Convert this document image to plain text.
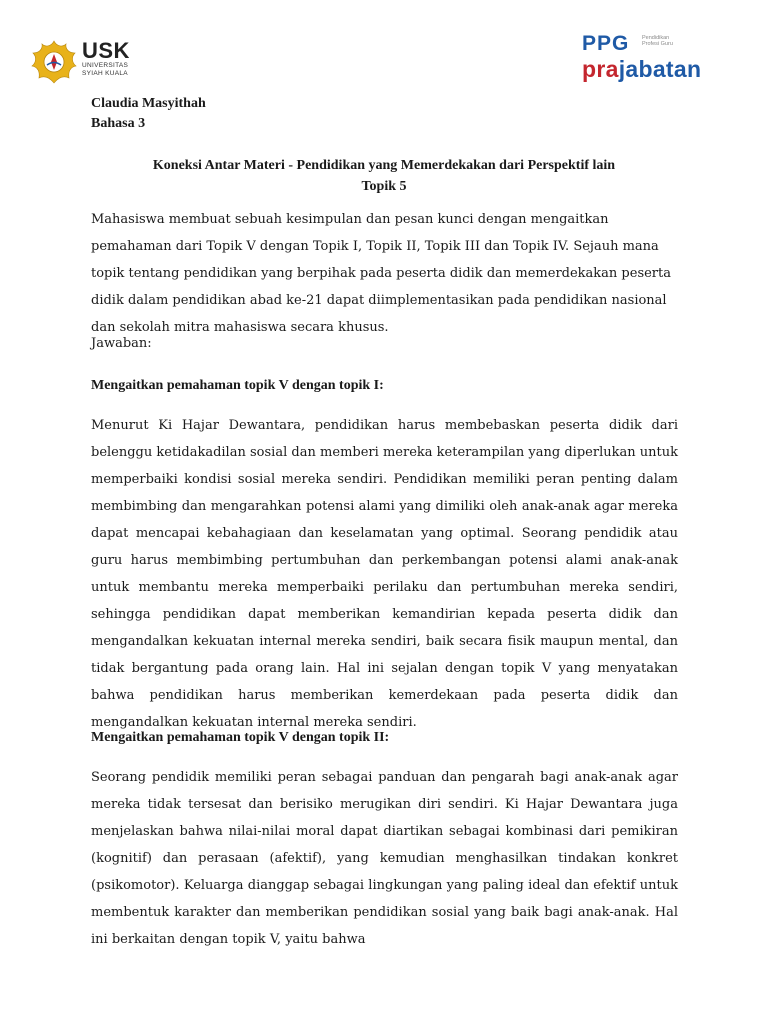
USK
UNIVERSITAS
SYIAH KUALA
PPG Pendidikan Profesi Guru
prajabatan
Claudia Masyithah
Bahasa 3
Koneksi Antar Materi - Pendidikan yang Memerdekakan dari Perspektif lain
Topik 5

Mahasiswa membuat sebuah kesimpulan dan pesan kunci dengan mengaitkan pemahaman dari Topik V dengan Topik I, Topik II, Topik III dan Topik IV. Sejauh mana topik tentang pendidikan yang berpihak pada peserta didik dan memerdekakan peserta didik dalam pendidikan abad ke-21 dapat diimplementasikan pada pendidikan nasional dan sekolah mitra mahasiswa secara khusus.

Jawaban:

Mengaitkan pemahaman topik V dengan topik I:

Menurut Ki Hajar Dewantara, pendidikan harus membebaskan peserta didik dari belenggu ketidakadilan sosial dan memberi mereka keterampilan yang diperlukan untuk memperbaiki kondisi sosial mereka sendiri. Pendidikan memiliki peran penting dalam membimbing dan mengarahkan potensi alami yang dimiliki oleh anak-anak agar mereka dapat mencapai kebahagiaan dan keselamatan yang optimal. Seorang pendidik atau guru harus membimbing pertumbuhan dan perkembangan potensi alami anak-anak untuk membantu mereka memperbaiki perilaku dan pertumbuhan mereka sendiri, sehingga pendidikan dapat memberikan kemandirian kepada peserta didik dan mengandalkan kekuatan internal mereka sendiri, baik secara fisik maupun mental, dan tidak bergantung pada orang lain. Hal ini sejalan dengan topik V yang menyatakan bahwa pendidikan harus memberikan kemerdekaan pada peserta didik dan mengandalkan kekuatan internal mereka sendiri.

Mengaitkan pemahaman topik V dengan topik II:

Seorang pendidik memiliki peran sebagai panduan dan pengarah bagi anak-anak agar mereka tidak tersesat dan berisiko merugikan diri sendiri. Ki Hajar Dewantara juga menjelaskan bahwa nilai-nilai moral dapat diartikan sebagai kombinasi dari pemikiran (kognitif) dan perasaan (afektif), yang kemudian menghasilkan tindakan konkret (psikomotor). Keluarga dianggap sebagai lingkungan yang paling ideal dan efektif untuk membentuk karakter dan memberikan pendidikan sosial yang baik bagi anak-anak. Hal ini berkaitan dengan topik V, yaitu bahwa
